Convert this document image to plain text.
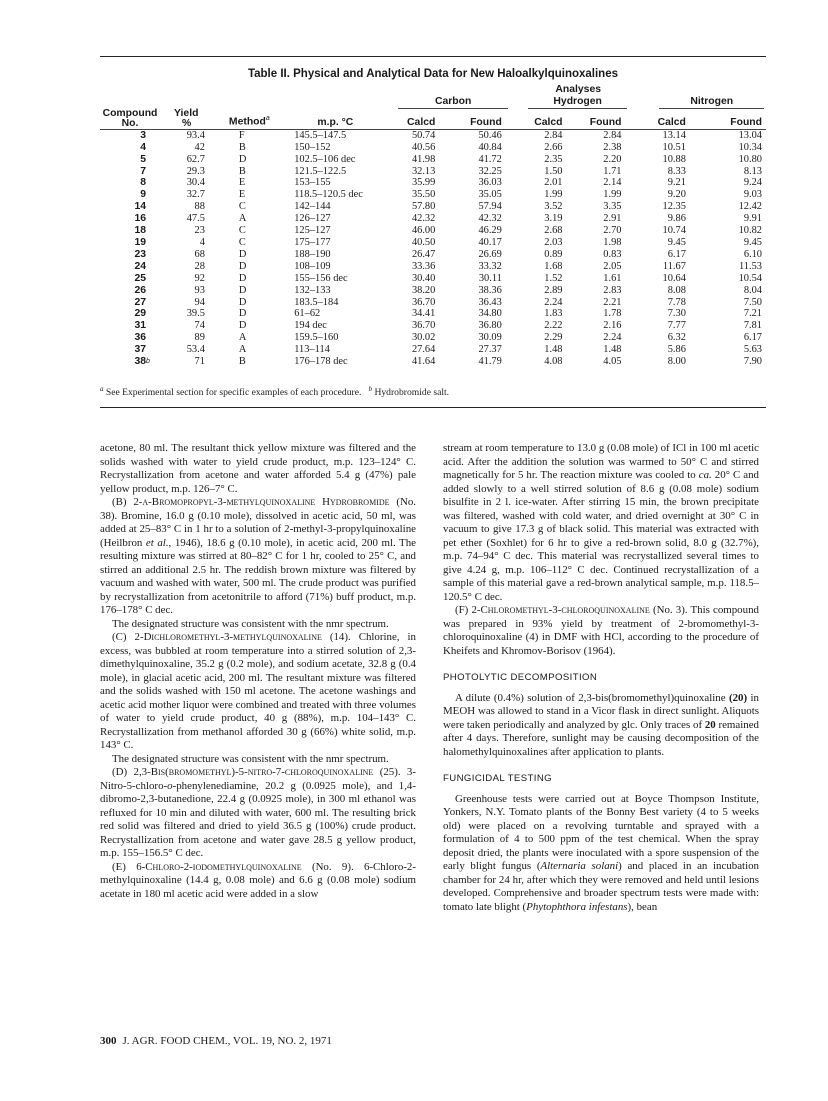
Table II. Physical and Analytical Data for New Haloalkylquinoxalines
				Analyses					

				Carbon		Hydrogen		Nitrogen	

Compound No.	Yield
%	Method$^a$	m.p. °C	Calcd	Found	Calcd	Found	Calcd	Found
3	93.4	F	145.5–147.5	50.74	50.46	2.84	2.84	13.14	13.04
4	42	B	150–152	40.56	40.84	2.66	2.38	10.51	10.34
5	62.7	D	102.5–106 dec	41.98	41.72	2.35	2.20	10.88	10.80
7	29.3	B	121.5–122.5	32.13	32.25	1.50	1.71	8.33	8.13
8	30.4	E	153–155	35.99	36.03	2.01	2.14	9.21	9.24
9	32.7	E	118.5–120.5 dec	35.50	35.05	1.99	1.99	9.20	9.03
14	88	C	142–144	57.80	57.94	3.52	3.35	12.35	12.42
16	47.5	A	126–127	42.32	42.32	3.19	2.91	9.86	9.91
18	23	C	125–127	46.00	46.29	2.68	2.70	10.74	10.82
19	4	C	175–177	40.50	40.17	2.03	1.98	9.45	9.45
23	68	D	188–190	26.47	26.69	0.89	0.83	6.17	6.10
24	28	D	108–109	33.36	33.32	1.68	2.05	11.67	11.53
25	92	D	155–156 dec	30.40	30.11	1.52	1.61	10.64	10.54
26	93	D	132–133	38.20	38.36	2.89	2.83	8.08	8.04
27	94	D	183.5–184	36.70	36.43	2.24	2.21	7.78	7.50
29	39.5	D	61–62	34.41	34.80	1.83	1.78	7.30	7.21
31	74	D	194 dec	36.70	36.80	2.22	2.16	7.77	7.81
36	89	A	159.5–160	30.02	30.09	2.29	2.24	6.32	6.17
37	53.4	A	113–114	27.64	27.37	1.48	1.48	5.86	5.63
38 b	71	B	176–178 dec	41.64	41.79	4.08	4.05	8.00	7.90
$^a$ See Experimental section for specific examples of each procedure. $^b$ Hydrobromide salt.

acetone, 80 ml. The resultant thick yellow mixture was filtered and the solids washed with water to yield crude product, m.p. 123–124° C. Recrystallization from acetone and water afforded 5.4 g (47%) pale yellow product, m.p. 126–7° C.

(B) 2-α-Bromopropyl-3-methylquinoxaline Hydrobromide (No. 38). Bromine, 16.0 g (0.10 mole), dissolved in acetic acid, 50 ml, was added at 25–83° C in 1 hr to a solution of 2-methyl-3-propylquinoxaline (Heilbron et al., 1946), 18.6 g (0.10 mole), in acetic acid, 200 ml. The resulting mixture was stirred at 80–82° C for 1 hr, cooled to 25° C, and stirred an additional 2.5 hr. The reddish brown mixture was filtered by vacuum and washed with water, 500 ml. The crude product was purified by recrystallization from acetonitrile to afford (71%) buff product, m.p. 176–178° C dec.

The designated structure was consistent with the nmr spectrum.

(C) 2-Dichloromethyl-3-methylquinoxaline (14). Chlorine, in excess, was bubbled at room temperature into a stirred solution of 2,3-dimethylquinoxaline, 35.2 g (0.2 mole), and sodium acetate, 32.8 g (0.4 mole), in glacial acetic acid, 200 ml. The resultant mixture was filtered and the solids washed with 150 ml acetone. The acetone washings and acetic acid mother liquor were combined and treated with three volumes of water to yield crude product, 40 g (88%), m.p. 104–143° C. Recrystallization from methanol afforded 30 g (66%) white solid, m.p. 143° C.

The designated structure was consistent with the nmr spectrum.

(D) 2,3-Bis(bromomethyl)-5-nitro-7-chloroquinoxaline (25). 3-Nitro-5-chloro-o-phenylenediamine, 20.2 g (0.0925 mole), and 1,4-dibromo-2,3-butanedione, 22.4 g (0.0925 mole), in 300 ml ethanol was refluxed for 10 min and diluted with water, 600 ml. The resulting brick red solid was filtered and dried to yield 36.5 g (100%) crude product. Recrystallization from acetone and water gave 28.5 g yellow product, m.p. 155–156.5° C dec.

(E) 6-Chloro-2-iodomethylquinoxaline (No. 9). 6-Chloro-2-methylquinoxaline (14.4 g, 0.08 mole) and 6.6 g (0.08 mole) sodium acetate in 180 ml acetic acid were added in a slow

stream at room temperature to 13.0 g (0.08 mole) of ICl in 100 ml acetic acid. After the addition the solution was warmed to 50° C and stirred magnetically for 5 hr. The reaction mixture was cooled to ca. 20° C and added slowly to a well stirred solution of 8.6 g (0.08 mole) sodium bisulfite in 2 l. ice-water. After stirring 15 min, the brown precipitate was filtered, washed with cold water, and dried overnight at 30° C in vacuum to give 17.3 g of black solid. This material was extracted with pet ether (Soxhlet) for 6 hr to give a red-brown solid, 8.0 g (32.7%), m.p. 74–94° C dec. This material was recrystallized several times to give 4.24 g, m.p. 106–112° C dec. Continued recrystallization of a sample of this material gave a red-brown analytical sample, m.p. 118.5–120.5° C dec.

(F) 2-Chloromethyl-3-chloroquinoxaline (No. 3). This compound was prepared in 93% yield by treatment of 2-bromomethyl-3-chloroquinoxaline (4) in DMF with HCl, according to the procedure of Kheifets and Khromov-Borisov (1964).

PHOTOLYTIC DECOMPOSITION

A dilute (0.4%) solution of 2,3-bis(bromomethyl)quinoxaline (20) in MEOH was allowed to stand in a Vicor flask in direct sunlight. Aliquots were taken periodically and analyzed by glc. Only traces of 20 remained after 4 days. Therefore, sunlight may be causing decomposition of the halomethylquinoxalines after application to plants.

FUNGICIDAL TESTING

Greenhouse tests were carried out at Boyce Thompson Institute, Yonkers, N.Y. Tomato plants of the Bonny Best variety (4 to 5 weeks old) were placed on a revolving turntable and sprayed with a formulation of 4 to 500 ppm of the test chemical. When the spray deposit dried, the plants were inoculated with a spore suspension of the early blight fungus (Alternaria solani) and placed in an incubation chamber for 24 hr, after which they were removed and held until lesions developed. Comprehensive and broader spectrum tests were made with: tomato late blight (Phytophthora infestans), bean

300 J. AGR. FOOD CHEM., VOL. 19, NO. 2, 1971
